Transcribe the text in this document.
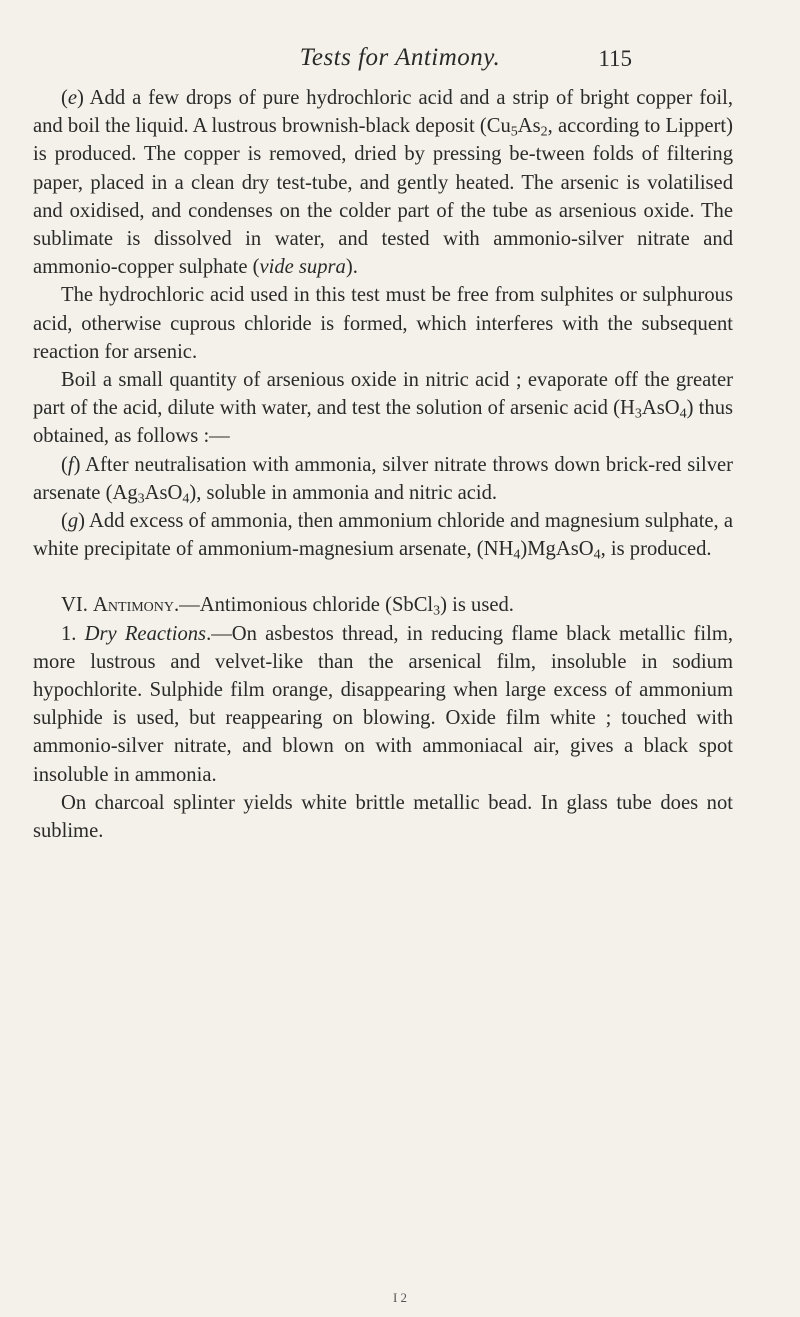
Tests for Antimony.	115

(e) Add a few drops of pure hydrochloric acid and a strip of bright copper foil, and boil the liquid. A lustrous brownish-black deposit ($Cu_5As_2$, according to Lippert) is produced. The copper is removed, dried by pressing be-tween folds of filtering paper, placed in a clean dry test-tube, and gently heated. The arsenic is volatilised and oxidised, and condenses on the colder part of the tube as arsenious oxide. The sublimate is dissolved in water, and tested with ammonio-silver nitrate and ammonio-copper sulphate (vide supra).

The hydrochloric acid used in this test must be free from sulphites or sulphurous acid, otherwise cuprous chloride is formed, which interferes with the subsequent reaction for arsenic.

Boil a small quantity of arsenious oxide in nitric acid ; evaporate off the greater part of the acid, dilute with water, and test the solution of arsenic acid $(H_3AsO_4)$ thus obtained, as follows :—

(f) After neutralisation with ammonia, silver nitrate throws down brick-red silver arsenate $(Ag_3AsO_4)$, soluble in ammonia and nitric acid.

(g) Add excess of ammonia, then ammonium chloride and magnesium sulphate, a white precipitate of ammonium-magnesium arsenate, $(NH_4)MgAsO_4$, is produced.

VI. Antimony.—Antimonious chloride (SbCl$_3$) is used.

1. Dry Reactions.—On asbestos thread, in reducing flame black metallic film, more lustrous and velvet-like than the arsenical film, insoluble in sodium hypochlorite. Sulphide film orange, disappearing when large excess of ammonium sulphide is used, but reappearing on blowing. Oxide film white ; touched with ammonio-silver nitrate, and blown on with ammoniacal air, gives a black spot insoluble in ammonia.

On charcoal splinter yields white brittle metallic bead. In glass tube does not sublime.

I 2
